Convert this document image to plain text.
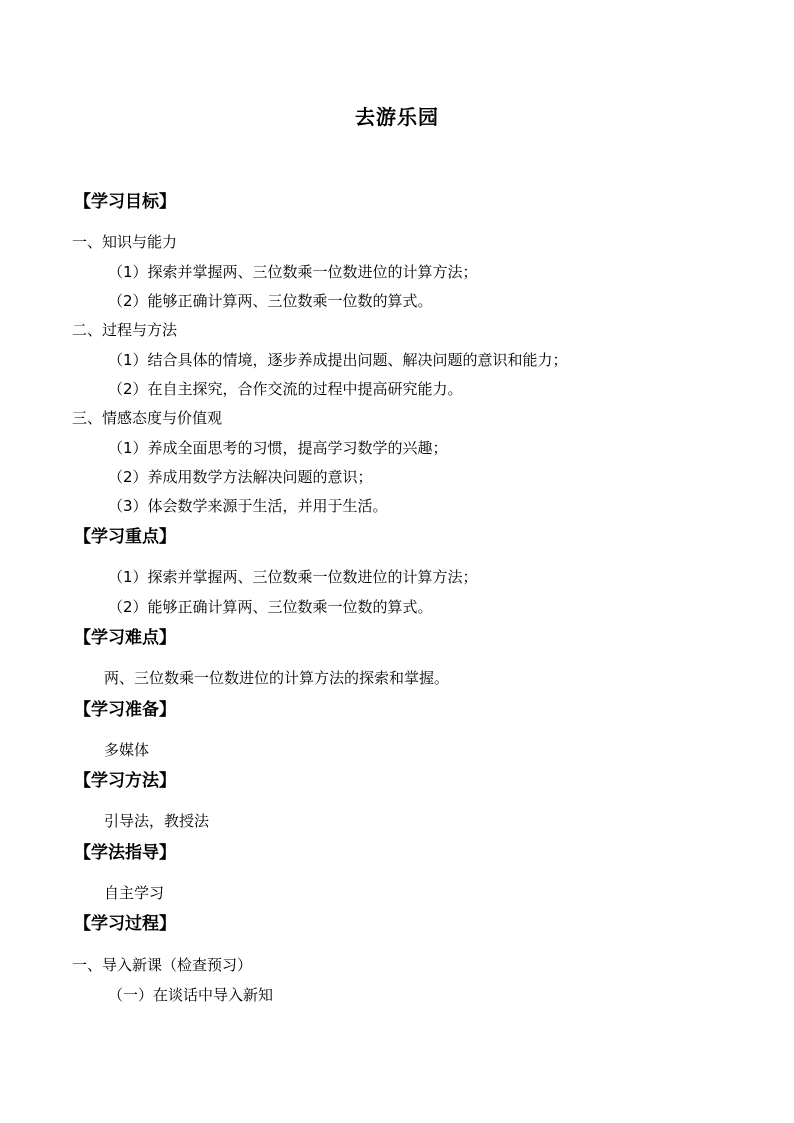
去游乐园
【学习目标】
一、知识与能力
（1）探索并掌握两、三位数乘一位数进位的计算方法；
（2）能够正确计算两、三位数乘一位数的算式。
二、过程与方法
（1）结合具体的情境，逐步养成提出问题、解决问题的意识和能力；
（2）在自主探究，合作交流的过程中提高研究能力。
三、情感态度与价值观
（1）养成全面思考的习惯，提高学习数学的兴趣；
（2）养成用数学方法解决问题的意识；
（3）体会数学来源于生活，并用于生活。
【学习重点】
（1）探索并掌握两、三位数乘一位数进位的计算方法；
（2）能够正确计算两、三位数乘一位数的算式。
【学习难点】
两、三位数乘一位数进位的计算方法的探索和掌握。
【学习准备】
多媒体
【学习方法】
引导法，教授法
【学法指导】
自主学习
【学习过程】
一、导入新课（检查预习）
（一）在谈话中导入新知
